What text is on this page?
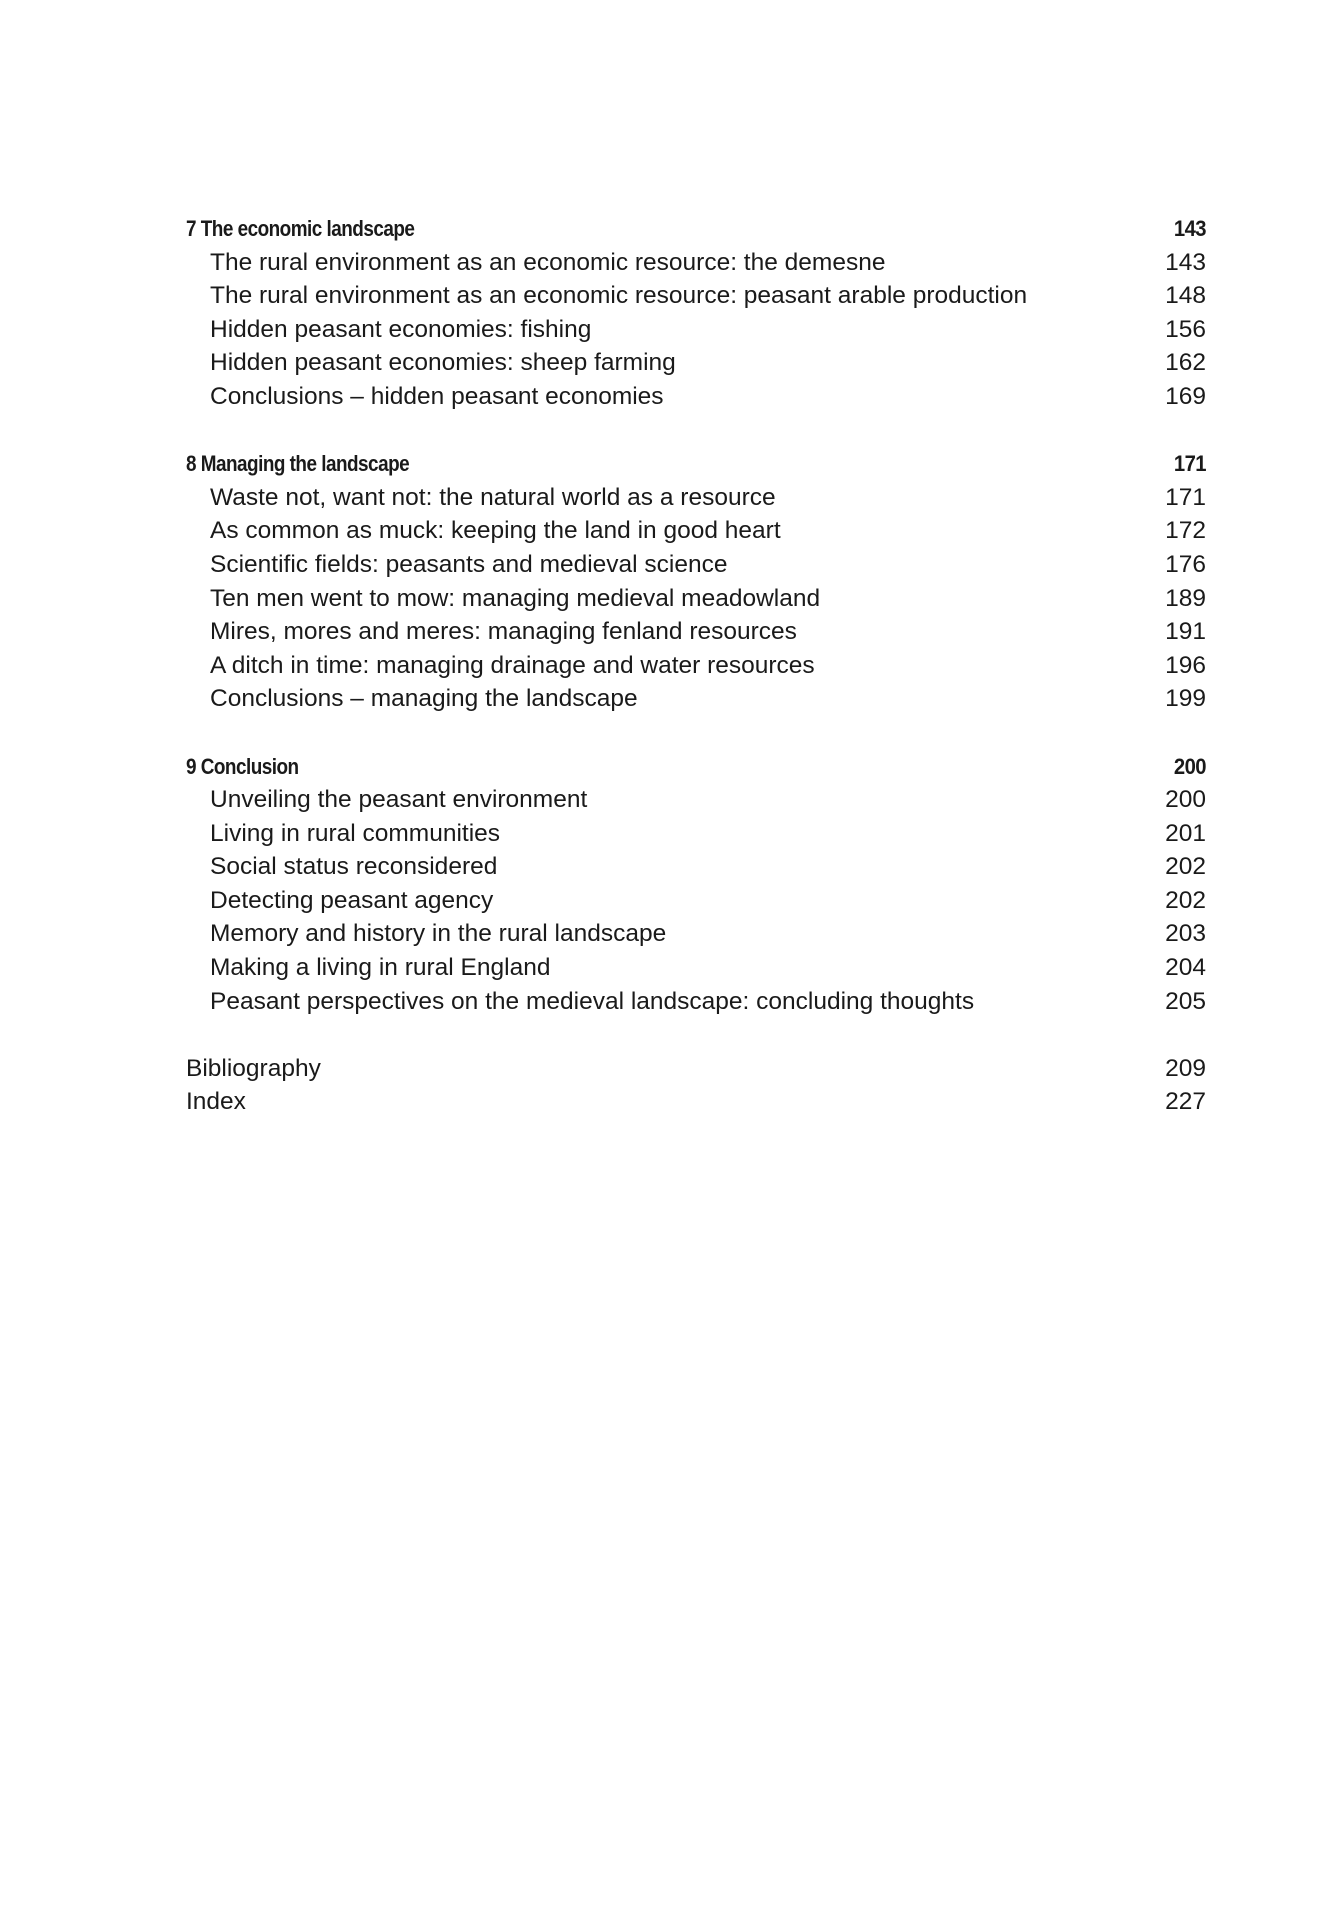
7 The economic landscape	143
The rural environment as an economic resource: the demesne	143
The rural environment as an economic resource: peasant arable production	148
Hidden peasant economies: fishing	156
Hidden peasant economies: sheep farming	162
Conclusions – hidden peasant economies	169
8 Managing the landscape	171
Waste not, want not: the natural world as a resource	171
As common as muck: keeping the land in good heart	172
Scientific fields: peasants and medieval science	176
Ten men went to mow: managing medieval meadowland	189
Mires, mores and meres: managing fenland resources	191
A ditch in time: managing drainage and water resources	196
Conclusions – managing the landscape	199
9 Conclusion	200
Unveiling the peasant environment	200
Living in rural communities	201
Social status reconsidered	202
Detecting peasant agency	202
Memory and history in the rural landscape	203
Making a living in rural England	204
Peasant perspectives on the medieval landscape: concluding thoughts	205
Bibliography	209
Index	227
